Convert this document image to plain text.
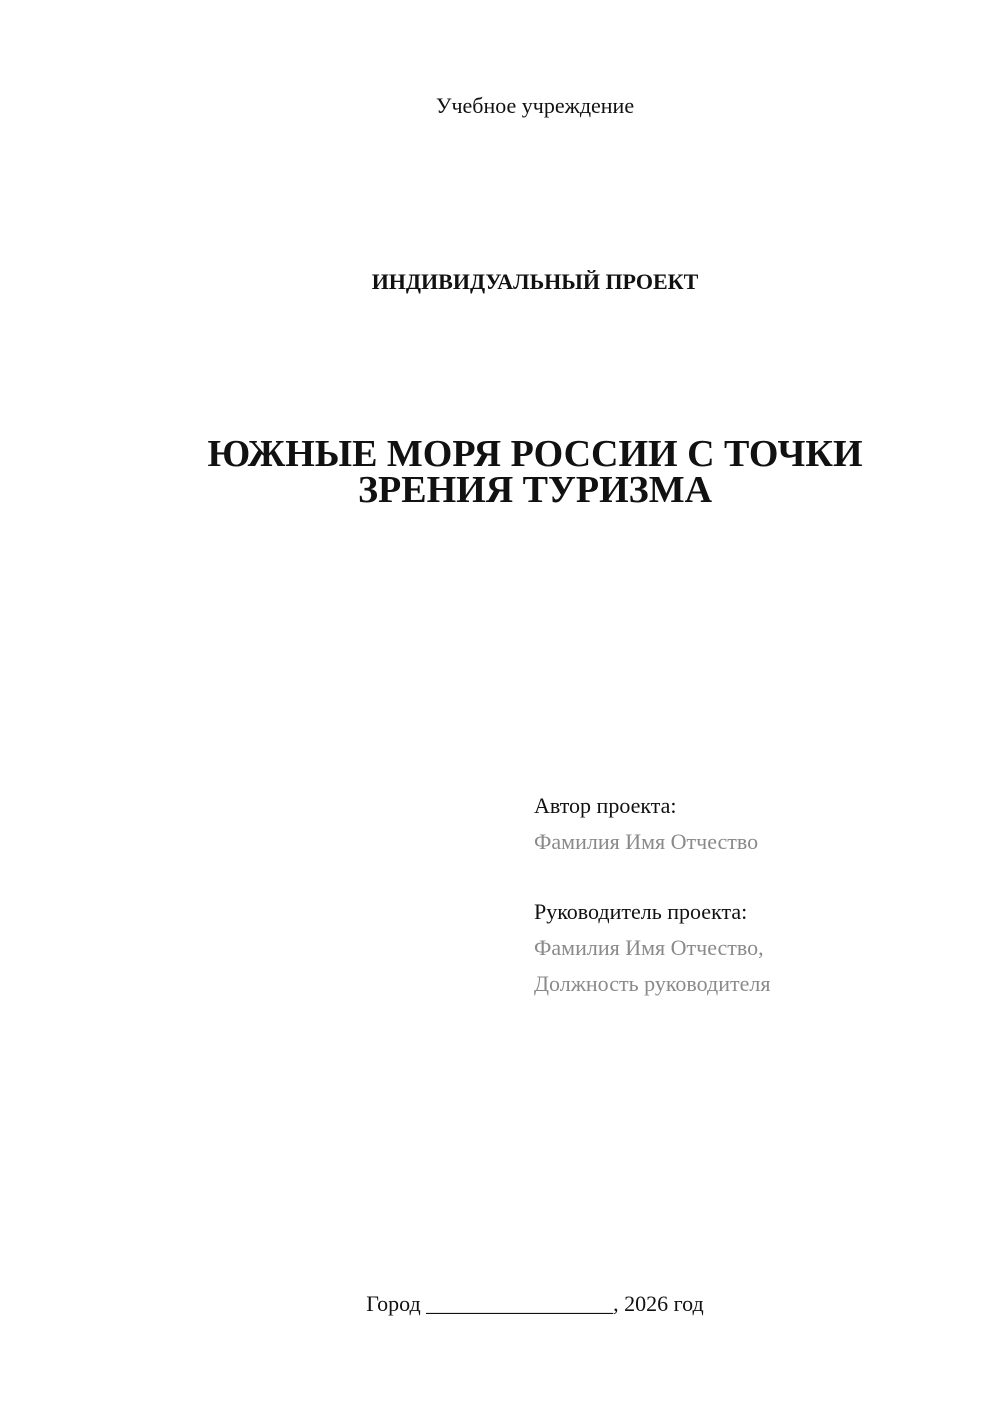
Учебное учреждение
ИНДИВИДУАЛЬНЫЙ ПРОЕКТ
ЮЖНЫЕ МОРЯ РОССИИ С ТОЧКИ
ЗРЕНИЯ ТУРИЗМА
Автор проекта:
Фамилия Имя Отчество
Руководитель проекта:
Фамилия Имя Отчество,
Должность руководителя
Город _________________, 2026 год
